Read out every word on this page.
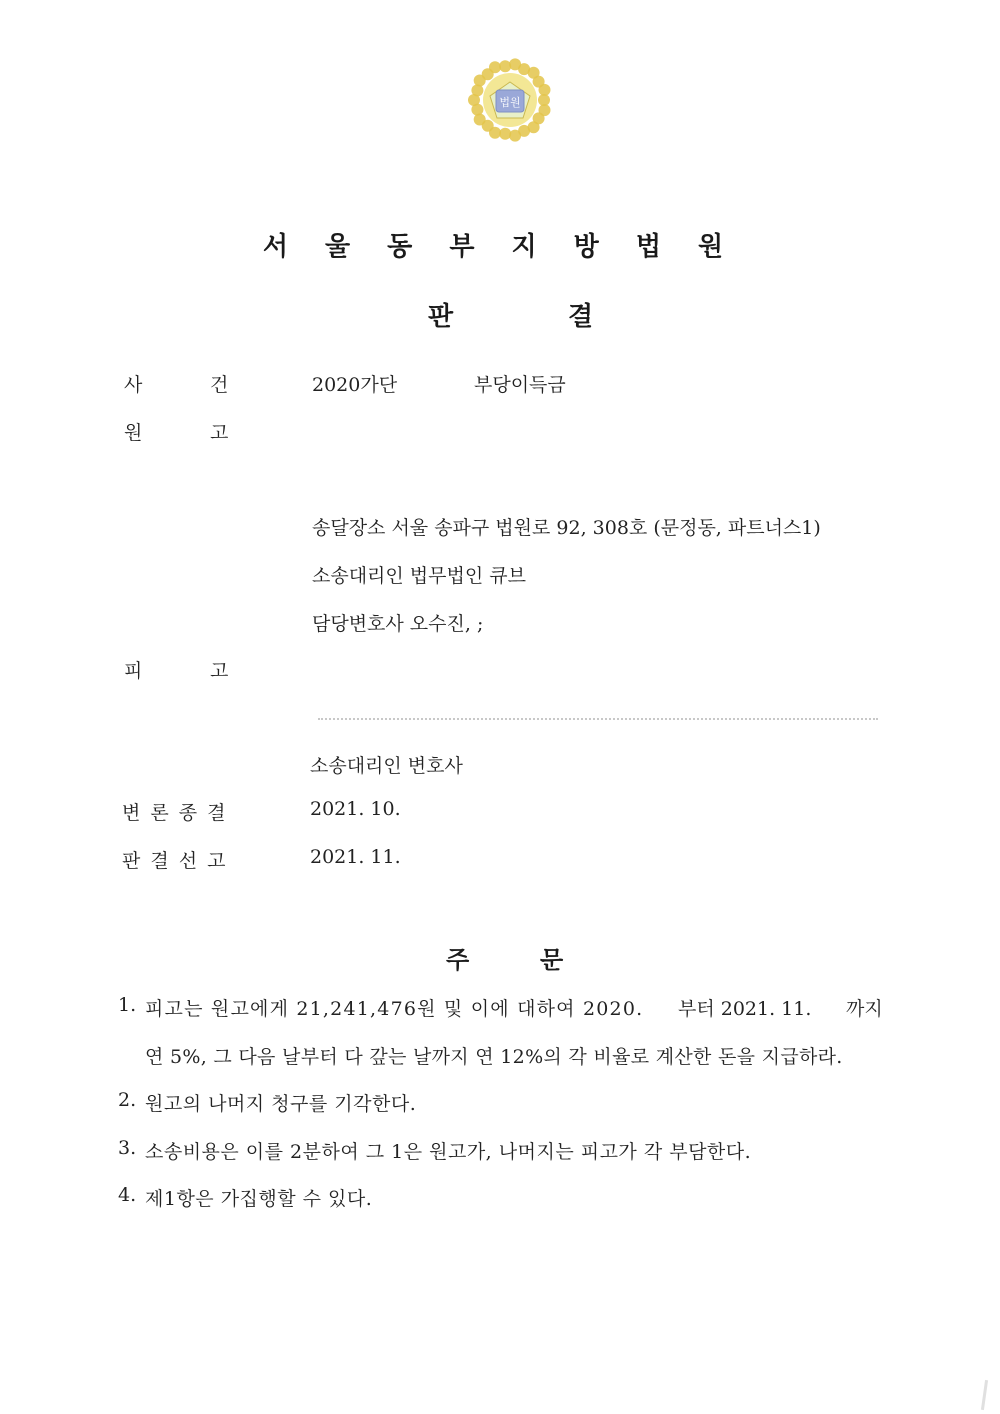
법원
서 울 동 부 지 방 법 원
판	결
사	건	2020가단	부당이득금
원	고
송달장소 서울 송파구 법원로 92, 308호 (문정동, 파트너스1)
소송대리인 법무법인 큐브
담당변호사 오수진, ;
피	고
소송대리인 변호사
변 론 종 결	2021. 10.
판 결 선 고	2021. 11.
주	문
1. 피고는 원고에게 21,241,476원 및 이에 대하여 2020. 부터 2021. 11. 까지
연 5%, 그 다음 날부터 다 갚는 날까지 연 12%의 각 비율로 계산한 돈을 지급하라.
2. 원고의 나머지 청구를 기각한다.
3. 소송비용은 이를 2분하여 그 1은 원고가, 나머지는 피고가 각 부담한다.
4. 제1항은 가집행할 수 있다.
